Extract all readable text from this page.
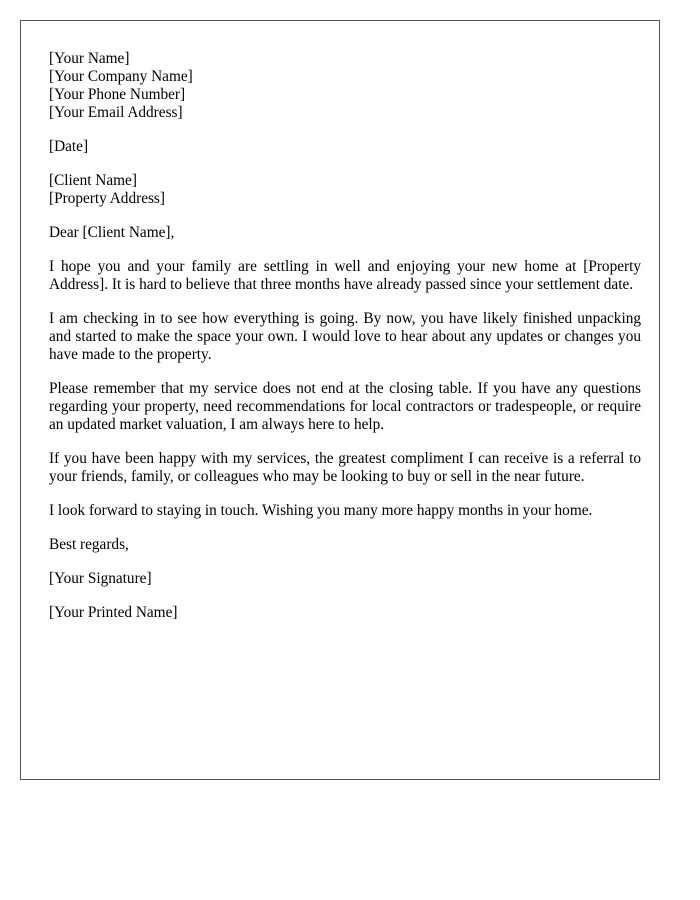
[Your Name]
[Your Company Name]
[Your Phone Number]
[Your Email Address]
[Date]
[Client Name]
[Property Address]
Dear [Client Name],

I hope you and your family are settling in well and enjoying your new home at [Property Address]. It is hard to believe that three months have already passed since your settlement date.

I am checking in to see how everything is going. By now, you have likely finished unpacking and started to make the space your own. I would love to hear about any updates or changes you have made to the property.

Please remember that my service does not end at the closing table. If you have any questions regarding your property, need recommendations for local contractors or tradespeople, or require an updated market valuation, I am always here to help.

If you have been happy with my services, the greatest compliment I can receive is a referral to your friends, family, or colleagues who may be looking to buy or sell in the near future.

I look forward to staying in touch. Wishing you many more happy months in your home.

Best regards,
[Your Signature]
[Your Printed Name]
